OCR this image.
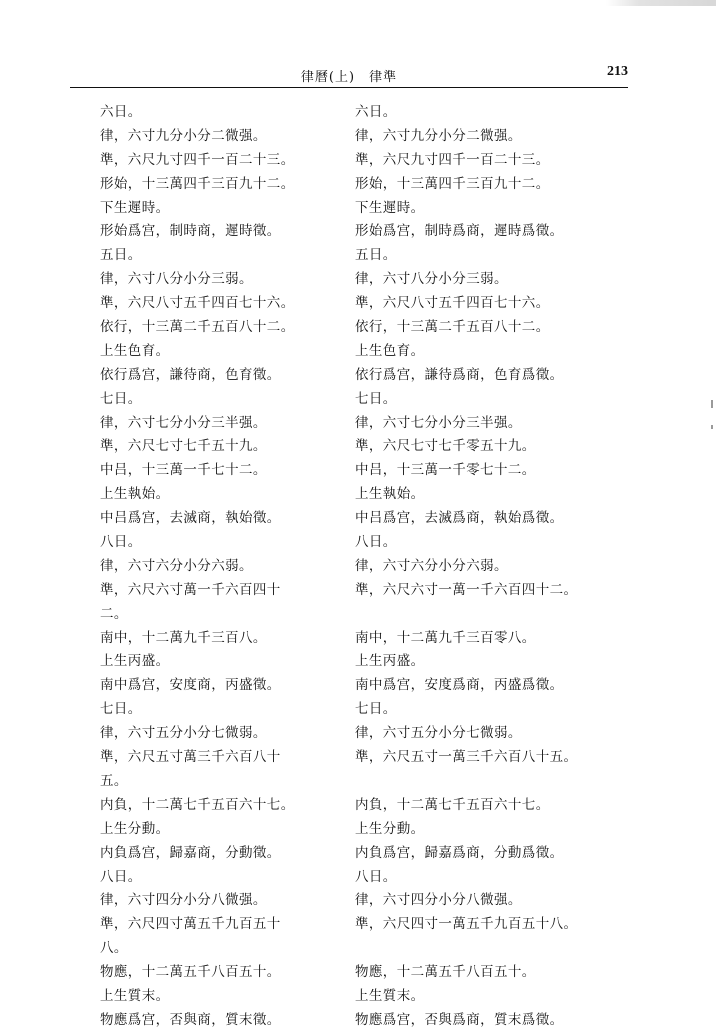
律曆(上)　律準	213
六日。
律，六寸九分小分二微强。
準，六尺九寸四千一百二十三。
形始，十三萬四千三百九十二。
下生遲時。
形始爲宫，制時商，遲時徵。
五日。
律，六寸八分小分三弱。
準，六尺八寸五千四百七十六。
依行，十三萬二千五百八十二。
上生色育。
依行爲宫，謙待商，色育徵。
七日。
律，六寸七分小分三半强。
準，六尺七寸七千五十九。
中吕，十三萬一千七十二。
上生執始。
中吕爲宫，去滅商，執始徵。
八日。
律，六寸六分小分六弱。
準，六尺六寸萬一千六百四十
二。
南中，十二萬九千三百八。
上生丙盛。
南中爲宫，安度商，丙盛徵。
七日。
律，六寸五分小分七微弱。
準，六尺五寸萬三千六百八十
五。
内負，十二萬七千五百六十七。
上生分動。
内負爲宫，歸嘉商，分動徵。
八日。
律，六寸四分小分八微强。
準，六尺四寸萬五千九百五十
八。
物應，十二萬五千八百五十。
上生質末。
物應爲宫，否與商，質末徵。
六日。
律，六寸九分小分二微强。
準，六尺九寸四千一百二十三。
形始，十三萬四千三百九十二。
下生遲時。
形始爲宫，制時爲商，遲時爲徵。
五日。
律，六寸八分小分三弱。
準，六尺八寸五千四百七十六。
依行，十三萬二千五百八十二。
上生色育。
依行爲宫，謙待爲商，色育爲徵。
七日。
律，六寸七分小分三半强。
準，六尺七寸七千零五十九。
中吕，十三萬一千零七十二。
上生執始。
中吕爲宫，去滅爲商，執始爲徵。
八日。
律，六寸六分小分六弱。
準，六尺六寸一萬一千六百四十二。
南中，十二萬九千三百零八。
上生丙盛。
南中爲宫，安度爲商，丙盛爲徵。
七日。
律，六寸五分小分七微弱。
準，六尺五寸一萬三千六百八十五。
内負，十二萬七千五百六十七。
上生分動。
内負爲宫，歸嘉爲商，分動爲徵。
八日。
律，六寸四分小分八微强。
準，六尺四寸一萬五千九百五十八。
物應，十二萬五千八百五十。
上生質末。
物應爲宫，否與爲商，質末爲徵。
